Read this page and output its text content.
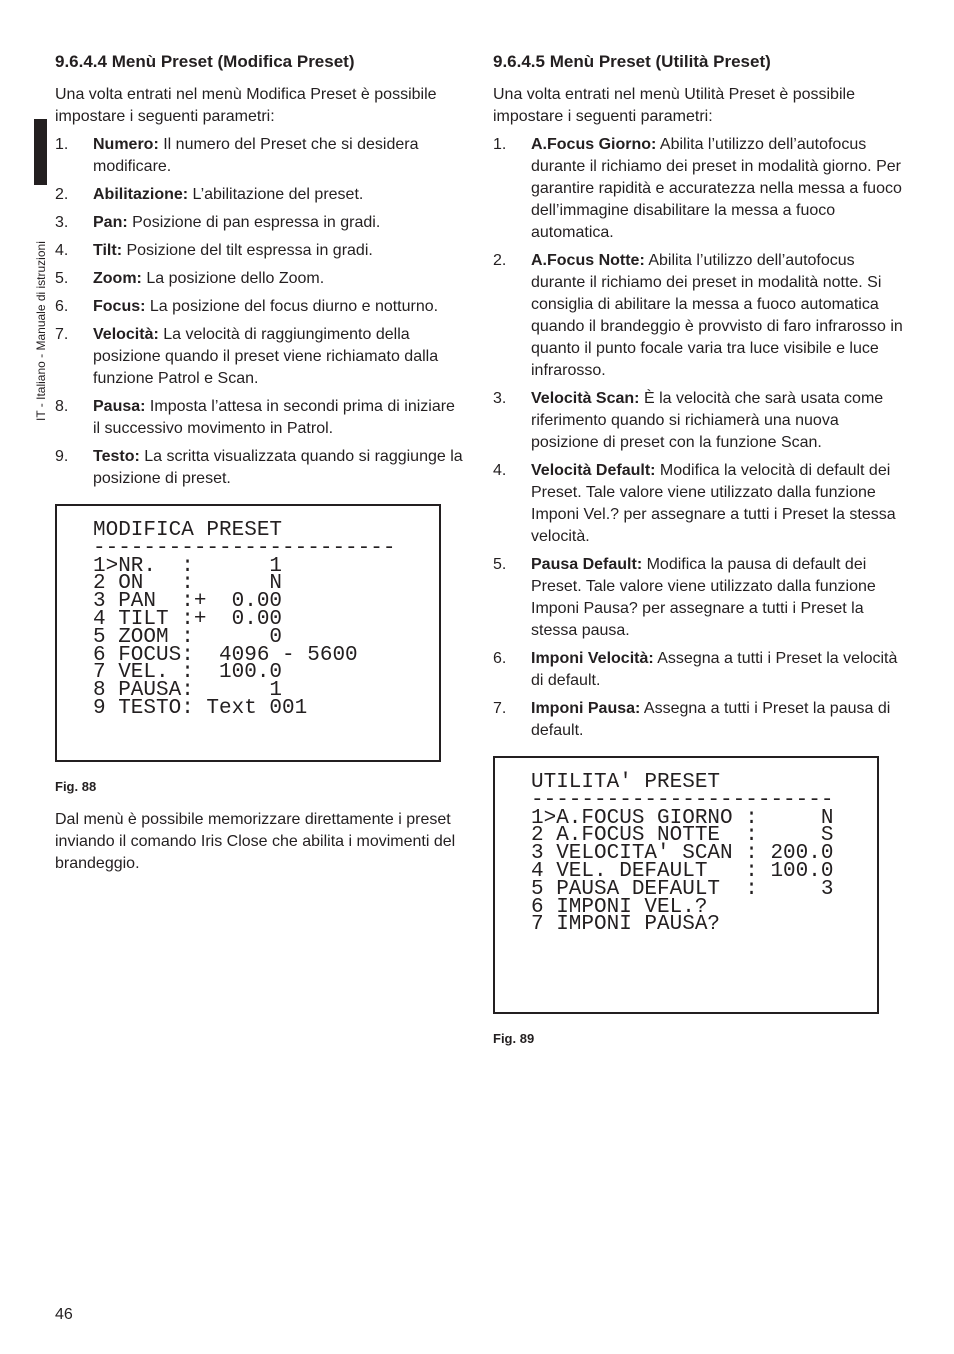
IT - Italiano - Manuale di istruzioni
9.6.4.4 Menù Preset (Modifica Preset)

Una volta entrati nel menù Modifica Preset è possibile impostare i seguenti parametri:

1.	Numero: Il numero del Preset che si desidera modificare.
2.	Abilitazione: L’abilitazione del preset.
3.	Pan: Posizione di pan espressa in gradi.
4.	Tilt: Posizione del tilt espressa in gradi.
5.	Zoom: La posizione dello Zoom.
6.	Focus: La posizione del focus diurno e notturno.
7.	Velocità: La velocità di raggiungimento della posizione quando il preset viene richiamato dalla funzione Patrol e Scan.
8.	Pausa: Imposta l’attesa in secondi prima di iniziare il successivo movimento in Patrol.
9.	Testo: La scritta visualizzata quando si raggiunge la posizione di preset.
MODIFICA PRESET
------------------------
1>NR.  :      1
2 ON   :      N
3 PAN  :+  0.00
4 TILT :+  0.00
5 ZOOM :      0
6 FOCUS:  4096 - 5600
7 VEL. :  100.0
8 PAUSA:      1
9 TESTO: Text 001

Fig. 88

Dal menù è possibile memorizzare direttamente i preset inviando il comando Iris Close che abilita i movimenti del brandeggio.

9.6.4.5 Menù Preset (Utilità Preset)

Una volta entrati nel menù Utilità Preset è possibile impostare i seguenti parametri:

1.	A.Focus Giorno: Abilita l’utilizzo dell’autofocus durante il richiamo dei preset in modalità giorno. Per garantire rapidità e accuratezza nella messa a fuoco dell’immagine disabilitare la messa a fuoco automatica.
2.	A.Focus Notte: Abilita l’utilizzo dell’autofocus durante il richiamo dei preset in modalità notte. Si consiglia di abilitare la messa a fuoco automatica quando il brandeggio è provvisto di faro infrarosso in quanto il punto focale varia tra luce visibile e luce infrarosso.
3.	Velocità Scan: È la velocità che sarà usata come riferimento quando si richiamerà una nuova posizione di preset con la funzione Scan.
4.	Velocità Default: Modifica la velocità di default dei Preset. Tale valore viene utilizzato dalla funzione Imponi Vel.? per assegnare a tutti i Preset la stessa velocità.
5.	Pausa Default: Modifica la pausa di default dei Preset. Tale valore viene utilizzato dalla funzione Imponi Pausa? per assegnare a tutti i Preset la stessa pausa.
6.	Imponi Velocità: Assegna a tutti i Preset la velocità di default.
7.	Imponi Pausa: Assegna a tutti i Preset la pausa di default.
UTILITA' PRESET
------------------------
1>A.FOCUS GIORNO :     N
2 A.FOCUS NOTTE  :     S
3 VELOCITA' SCAN : 200.0
4 VEL. DEFAULT   : 100.0
5 PAUSA DEFAULT  :     3
6 IMPONI VEL.?
7 IMPONI PAUSA?

Fig. 89

46
